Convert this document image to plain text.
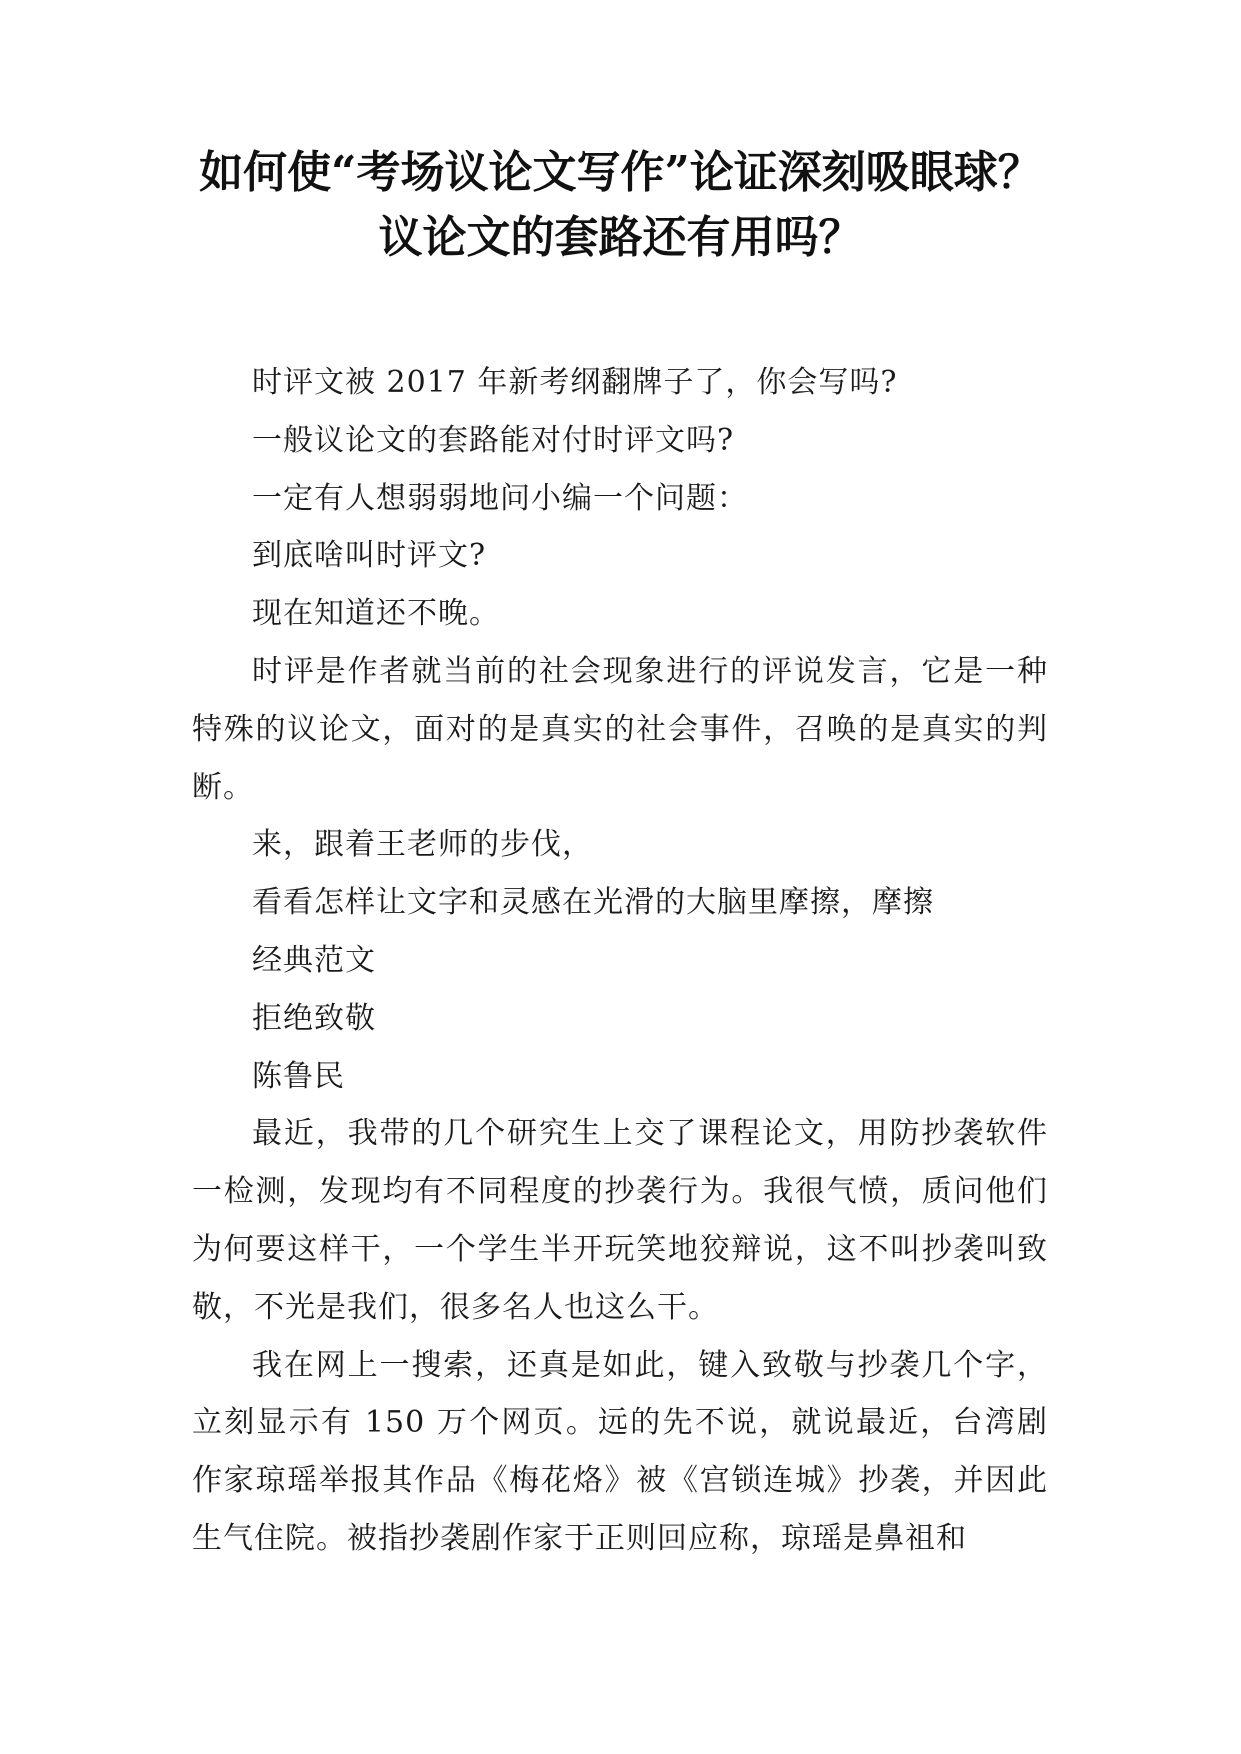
如何使“考场议论文写作”论证深刻吸眼球？
议论文的套路还有用吗？

时评文被 2017 年新考纲翻牌子了，你会写吗?

一般议论文的套路能对付时评文吗?

一定有人想弱弱地问小编一个问题：

到底啥叫时评文?

现在知道还不晚。

时评是作者就当前的社会现象进行的评说发言，它是一种特殊的议论文，面对的是真实的社会事件，召唤的是真实的判断。

来，跟着王老师的步伐，

看看怎样让文字和灵感在光滑的大脑里摩擦，摩擦

经典范文

拒绝致敬

陈鲁民

最近，我带的几个研究生上交了课程论文，用防抄袭软件一检测，发现均有不同程度的抄袭行为。我很气愤，质问他们为何要这样干，一个学生半开玩笑地狡辩说，这不叫抄袭叫致敬，不光是我们，很多名人也这么干。

我在网上一搜索，还真是如此，键入致敬与抄袭几个字，立刻显示有 150 万个网页。远的先不说，就说最近，台湾剧作家琼瑶举报其作品《梅花烙》被《宫锁连城》抄袭，并因此生气住院。被指抄袭剧作家于正则回应称，琼瑶是鼻祖和
